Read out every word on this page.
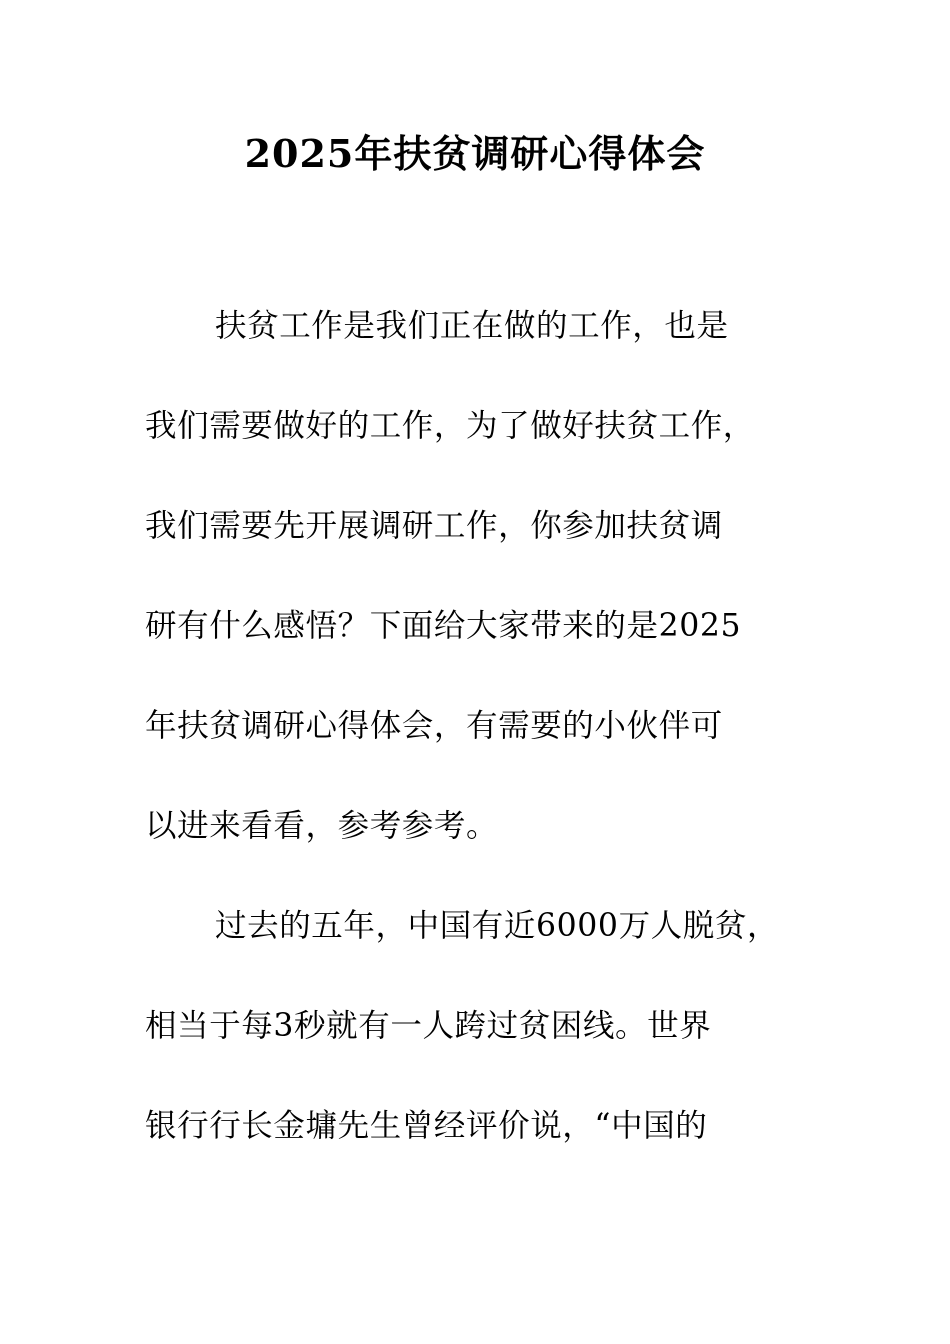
2025年扶贫调研心得体会
扶贫工作是我们正在做的工作，也是
我们需要做好的工作，为了做好扶贫工作，
我们需要先开展调研工作，你参加扶贫调
研有什么感悟？下面给大家带来的是2025
年扶贫调研心得体会，有需要的小伙伴可
以进来看看，参考参考。
过去的五年，中国有近6000万人脱贫，
相当于每3秒就有一人跨过贫困线。世界
银行行长金墉先生曾经评价说，“中国的
